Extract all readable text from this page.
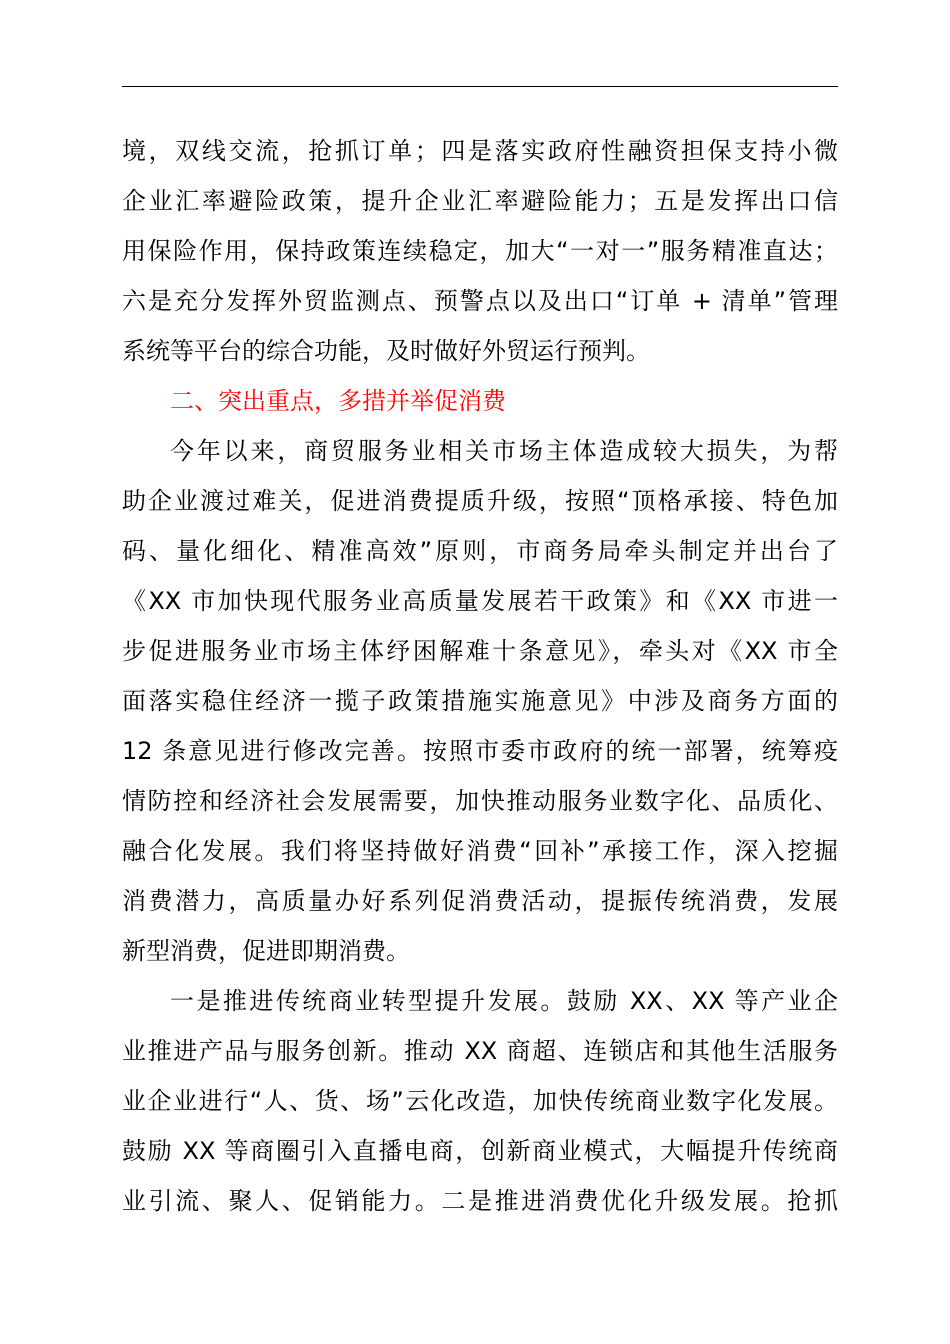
境，双线交流，抢抓订单；四是落实政府性融资担保支持小微
企业汇率避险政策，提升企业汇率避险能力；五是发挥出口信
用保险作用，保持政策连续稳定，加大“一对一”服务精准直达；
六是充分发挥外贸监测点、预警点以及出口“订单 + 清单”管理
系统等平台的综合功能，及时做好外贸运行预判。
二、突出重点，多措并举促消费
今年以来，商贸服务业相关市场主体造成较大损失，为帮
助企业渡过难关，促进消费提质升级，按照“顶格承接、特色加
码、量化细化、精准高效”原则，市商务局牵头制定并出台了
《XX 市加快现代服务业高质量发展若干政策》和《XX 市进一
步促进服务业市场主体纾困解难十条意见》，牵头对《XX 市全
面落实稳住经济一揽子政策措施实施意见》中涉及商务方面的
12 条意见进行修改完善。按照市委市政府的统一部署，统筹疫
情防控和经济社会发展需要，加快推动服务业数字化、品质化、
融合化发展。我们将坚持做好消费“回补”承接工作，深入挖掘
消费潜力，高质量办好系列促消费活动，提振传统消费，发展
新型消费，促进即期消费。
一是推进传统商业转型提升发展。鼓励 XX、XX 等产业企
业推进产品与服务创新。推动 XX 商超、连锁店和其他生活服务
业企业进行“人、货、场”云化改造，加快传统商业数字化发展。
鼓励 XX 等商圈引入直播电商，创新商业模式，大幅提升传统商
业引流、聚人、促销能力。二是推进消费优化升级发展。抢抓
